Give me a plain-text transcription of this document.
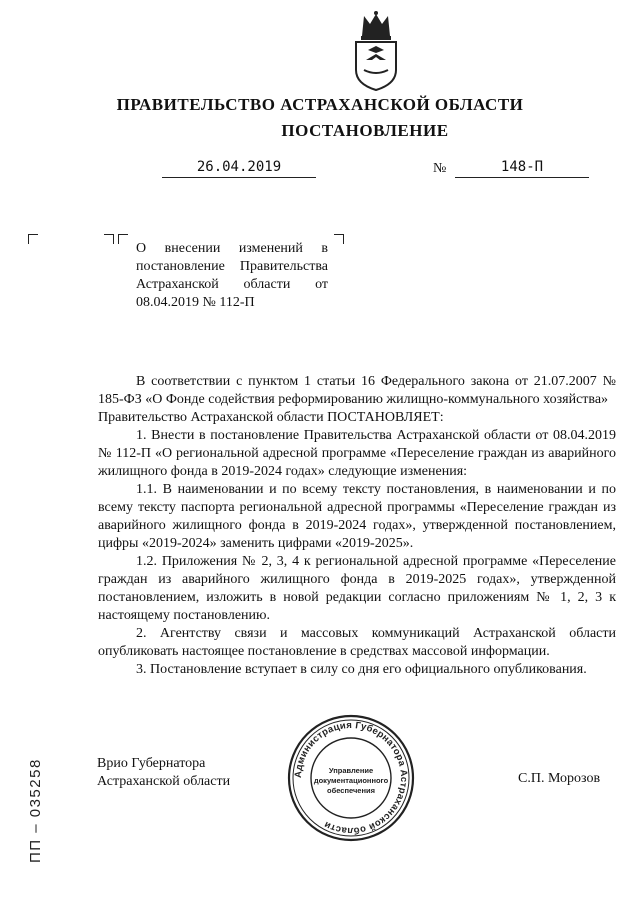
ПРАВИТЕЛЬСТВО АСТРАХАНСКОЙ ОБЛАСТИ
ПОСТАНОВЛЕНИЕ
26.04.2019	№	148-П
О внесении изменений в постановление Правительства Астраханской области от 08.04.2019 № 112-П

В соответствии с пунктом 1 статьи 16 Федерального закона от 21.07.2007 № 185-ФЗ «О Фонде содействия реформированию жилищно-коммунального хозяйства»

Правительство Астраханской области ПОСТАНОВЛЯЕТ:

1. Внести в постановление Правительства Астраханской области от 08.04.2019 № 112-П «О региональной адресной программе «Переселение граждан из аварийного жилищного фонда в 2019-2024 годах» следующие изменения:

1.1. В наименовании и по всему тексту постановления, в наименовании и по всему тексту паспорта региональной адресной программы «Переселение граждан из аварийного жилищного фонда в 2019-2024 годах», утвержденной постановлением, цифры «2019-2024» заменить цифрами «2019-2025».

1.2. Приложения № 2, 3, 4 к региональной адресной программе «Переселение граждан из аварийного жилищного фонда в 2019-2025 годах», утвержденной постановлением, изложить в новой редакции согласно приложениям № 1, 2, 3 к настоящему постановлению.

2. Агентству связи и массовых коммуникаций Астраханской области опубликовать настоящее постановление в средствах массовой информации.

3. Постановление вступает в силу со дня его официального опубликования.

Врио Губернатора
Астраханской области	С.П. Морозов
Администрация Губернатора Астраханской области
Управление
документационного
обеспечения
ПП – 035258
